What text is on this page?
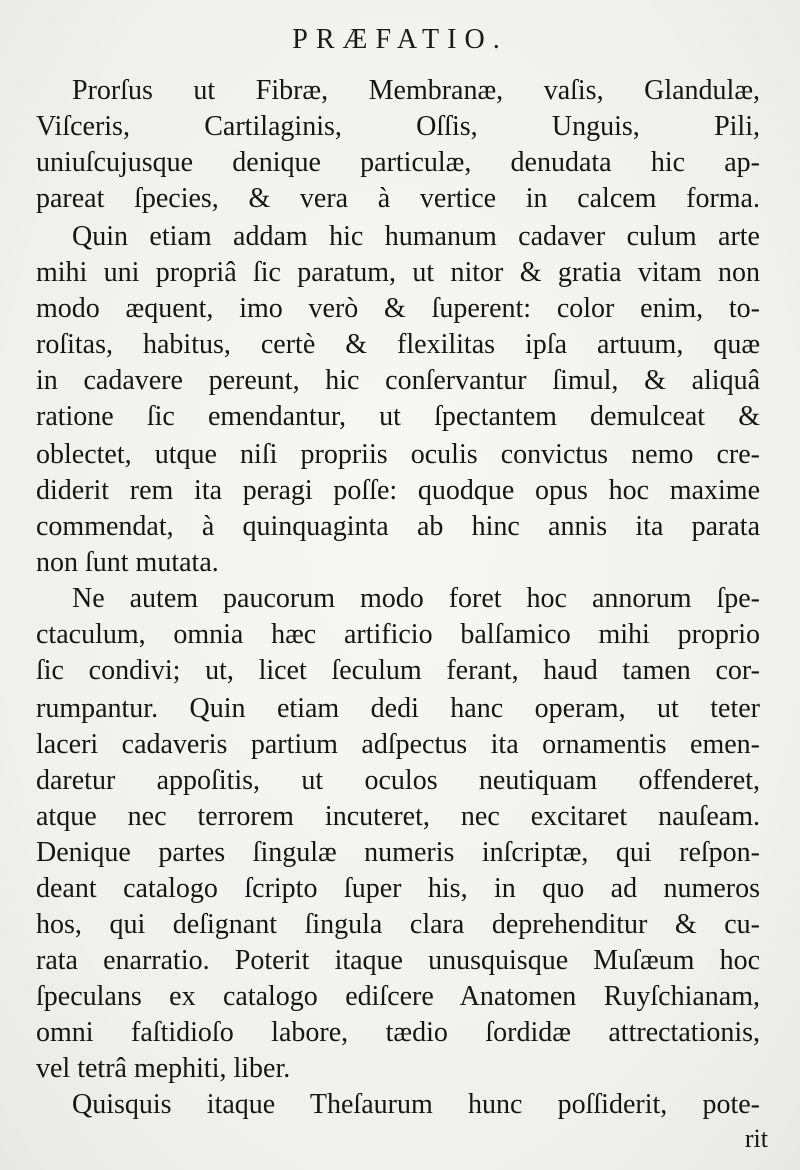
PRÆFATIO.
Prorſus ut Fibræ, Membranæ, vaſis, Glandulæ,
Viſceris, Cartilaginis, Oſſis, Unguis, Pili,
uniuſcujusque denique particulæ, denudata hic ap-
pareat ſpecies, & vera à vertice in calcem forma.
Quin etiam addam hic humanum cadaver culum arte
mihi uni propriâ ſic paratum, ut nitor & gratia vitam non
modo æquent, imo verò & ſuperent: color enim, to-
roſitas, habitus, certè & flexilitas ipſa artuum, quæ
in cadavere pereunt, hic conſervantur ſimul, & aliquâ
ratione ſic emendantur, ut ſpectantem demulceat &
oblectet, utque niſi propriis oculis convictus nemo cre-
diderit rem ita peragi poſſe: quodque opus hoc maxime
commendat, à quinquaginta ab hinc annis ita parata
non ſunt mutata.
Ne autem paucorum modo foret hoc annorum ſpe-
ctaculum, omnia hæc artificio balſamico mihi proprio
ſic condivi; ut, licet ſeculum ferant, haud tamen cor-
rumpantur. Quin etiam dedi hanc operam, ut teter
laceri cadaveris partium adſpectus ita ornamentis emen-
daretur appoſitis, ut oculos neutiquam offenderet,
atque nec terrorem incuteret, nec excitaret nauſeam.
Denique partes ſingulæ numeris inſcriptæ, qui reſpon-
deant catalogo ſcripto ſuper his, in quo ad numeros
hos, qui deſignant ſingula clara deprehenditur & cu-
rata enarratio. Poterit itaque unusquisque Muſæum hoc
ſpeculans ex catalogo ediſcere Anatomen Ruyſchianam,
omni faſtidioſo labore, tædio ſordidæ attrectationis,
vel tetrâ mephiti, liber.
Quisquis itaque Theſaurum hunc poſſiderit, pote-
rit
